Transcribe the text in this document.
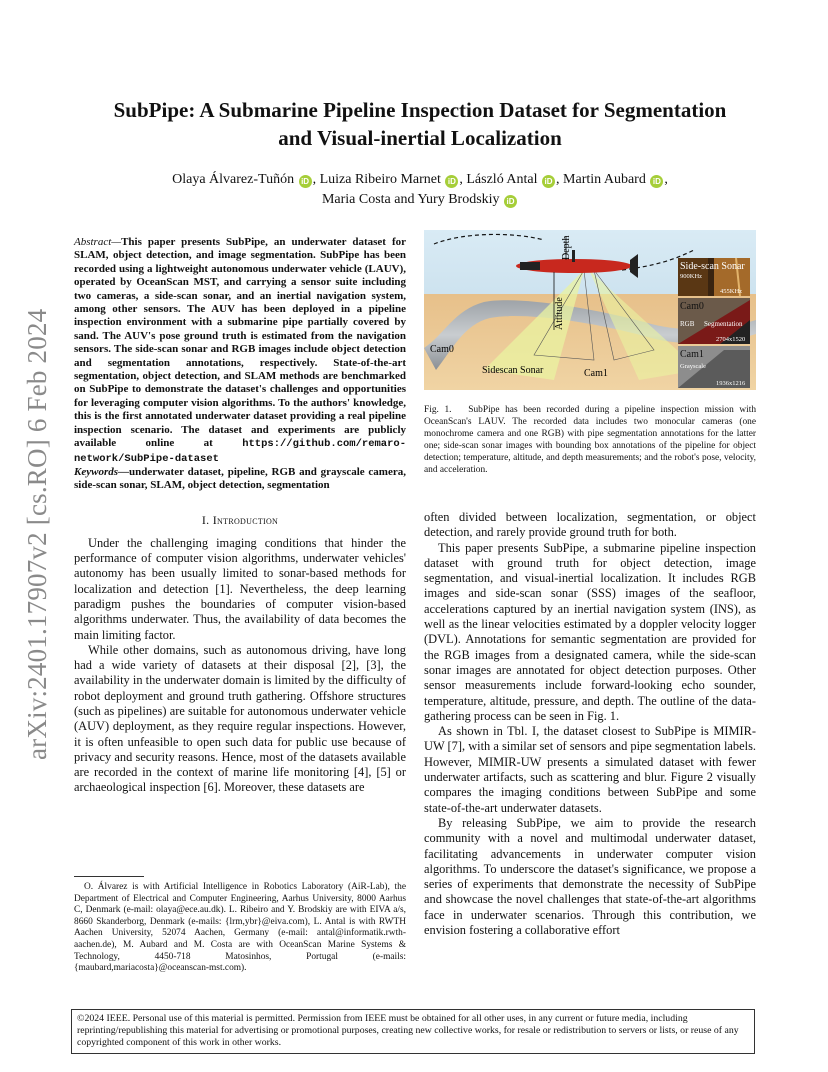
arXiv:2401.17907v2 [cs.RO] 6 Feb 2024
SubPipe: A Submarine Pipeline Inspection Dataset for Segmentation and Visual-inertial Localization
Olaya Álvarez-Tuñón iD , Luiza Ribeiro Marnet iD , László Antal iD , Martin Aubard iD ,
Maria Costa and Yury Brodskiy iD
Abstract—This paper presents SubPipe, an underwater dataset for SLAM, object detection, and image segmentation. SubPipe has been recorded using a lightweight autonomous underwater vehicle (LAUV), operated by OceanScan MST, and carrying a sensor suite including two cameras, a side-scan sonar, and an inertial navigation system, among other sensors. The AUV has been deployed in a pipeline inspection environment with a submarine pipe partially covered by sand. The AUV's pose ground truth is estimated from the navigation sensors. The side-scan sonar and RGB images include object detection and segmentation annotations, respectively. State-of-the-art segmentation, object detection, and SLAM methods are benchmarked on SubPipe to demonstrate the dataset's challenges and opportunities for leveraging computer vision algorithms. To the authors' knowledge, this is the first annotated underwater dataset providing a real pipeline inspection scenario. The dataset and experiments are publicly available online at	https://github.com/remaro-network/SubPipe-dataset
Keywords—underwater dataset, pipeline, RGB and grayscale camera, side-scan sonar, SLAM, object detection, segmentation
I. Introduction

Under the challenging imaging conditions that hinder the performance of computer vision algorithms, underwater vehicles' autonomy has been usually limited to sonar-based methods for localization and detection [1]. Nevertheless, the deep learning paradigm pushes the boundaries of computer vision-based algorithms underwater. Thus, the availability of data becomes the main limiting factor.

While other domains, such as autonomous driving, have long had a wide variety of datasets at their disposal [2], [3], the availability in the underwater domain is limited by the difficulty of robot deployment and ground truth gathering. Offshore structures (such as pipelines) are suitable for autonomous underwater vehicle (AUV) deployment, as they require regular inspections. However, it is often unfeasible to open such data for public use because of privacy and security reasons. Hence, most of the datasets available are recorded in the context of marine life monitoring [4], [5] or archaeological inspection [6]. Moreover, these datasets are

O. Álvarez is with Artificial Intelligence in Robotics Laboratory (AiR-Lab), the Department of Electrical and Computer Engineering, Aarhus University, 8000 Aarhus C, Denmark (e-mail: olaya@ece.au.dk). L. Ribeiro and Y. Brodskiy are with EIVA a/s, 8660 Skanderborg, Denmark (e-mails: {lrm,ybr}@eiva.com), L. Antal is with RWTH Aachen University, 52074 Aachen, Germany (e-mail: antal@informatik.rwth-aachen.de), M. Aubard and M. Costa are with OceanScan Marine Systems & Technology, 4450-718 Matosinhos, Portugal (e-mails: {maubard,mariacosta}@oceanscan-mst.com).
Depth
Attitude
Cam0
Sidescan Sonar	Cam1
Side-scan Sonar
900KHz
455KHz
Cam0
RGB Segmentation
2704x1520
Cam1
Grayscale
1936x1216
Fig. 1. SubPipe has been recorded during a pipeline inspection mission with OceanScan's LAUV. The recorded data includes two monocular cameras (one monochrome camera and one RGB) with pipe segmentation annotations for the latter one; side-scan sonar images with bounding box annotations of the pipeline for object detection; temperature, altitude, and depth measurements; and the robot's pose, velocity, and acceleration.

often divided between localization, segmentation, or object detection, and rarely provide ground truth for both.

This paper presents SubPipe, a submarine pipeline inspection dataset with ground truth for object detection, image segmentation, and visual-inertial localization. It includes RGB images and side-scan sonar (SSS) images of the seafloor, accelerations captured by an inertial navigation system (INS), as well as the linear velocities estimated by a doppler velocity logger (DVL). Annotations for semantic segmentation are provided for the RGB images from a designated camera, while the side-scan sonar images are annotated for object detection purposes. Other sensor measurements include forward-looking echo sounder, temperature, altitude, pressure, and depth. The outline of the data-gathering process can be seen in Fig. 1.

As shown in Tbl. I, the dataset closest to SubPipe is MIMIR-UW [7], with a similar set of sensors and pipe segmentation labels. However, MIMIR-UW presents a simulated dataset with fewer underwater artifacts, such as scattering and blur. Figure 2 visually compares the imaging conditions between SubPipe and some state-of-the-art underwater datasets.

By releasing SubPipe, we aim to provide the research community with a novel and multimodal underwater dataset, facilitating advancements in underwater computer vision algorithms. To underscore the dataset's significance, we propose a series of experiments that demonstrate the necessity of SubPipe and showcase the novel challenges that state-of-the-art algorithms face in underwater scenarios. Through this contribution, we envision fostering a collaborative effort

©2024 IEEE. Personal use of this material is permitted. Permission from IEEE must be obtained for all other uses, in any current or future media, including reprinting/republishing this material for advertising or promotional purposes, creating new collective works, for resale or redistribution to servers or lists, or reuse of any copyrighted component of this work in other works.
